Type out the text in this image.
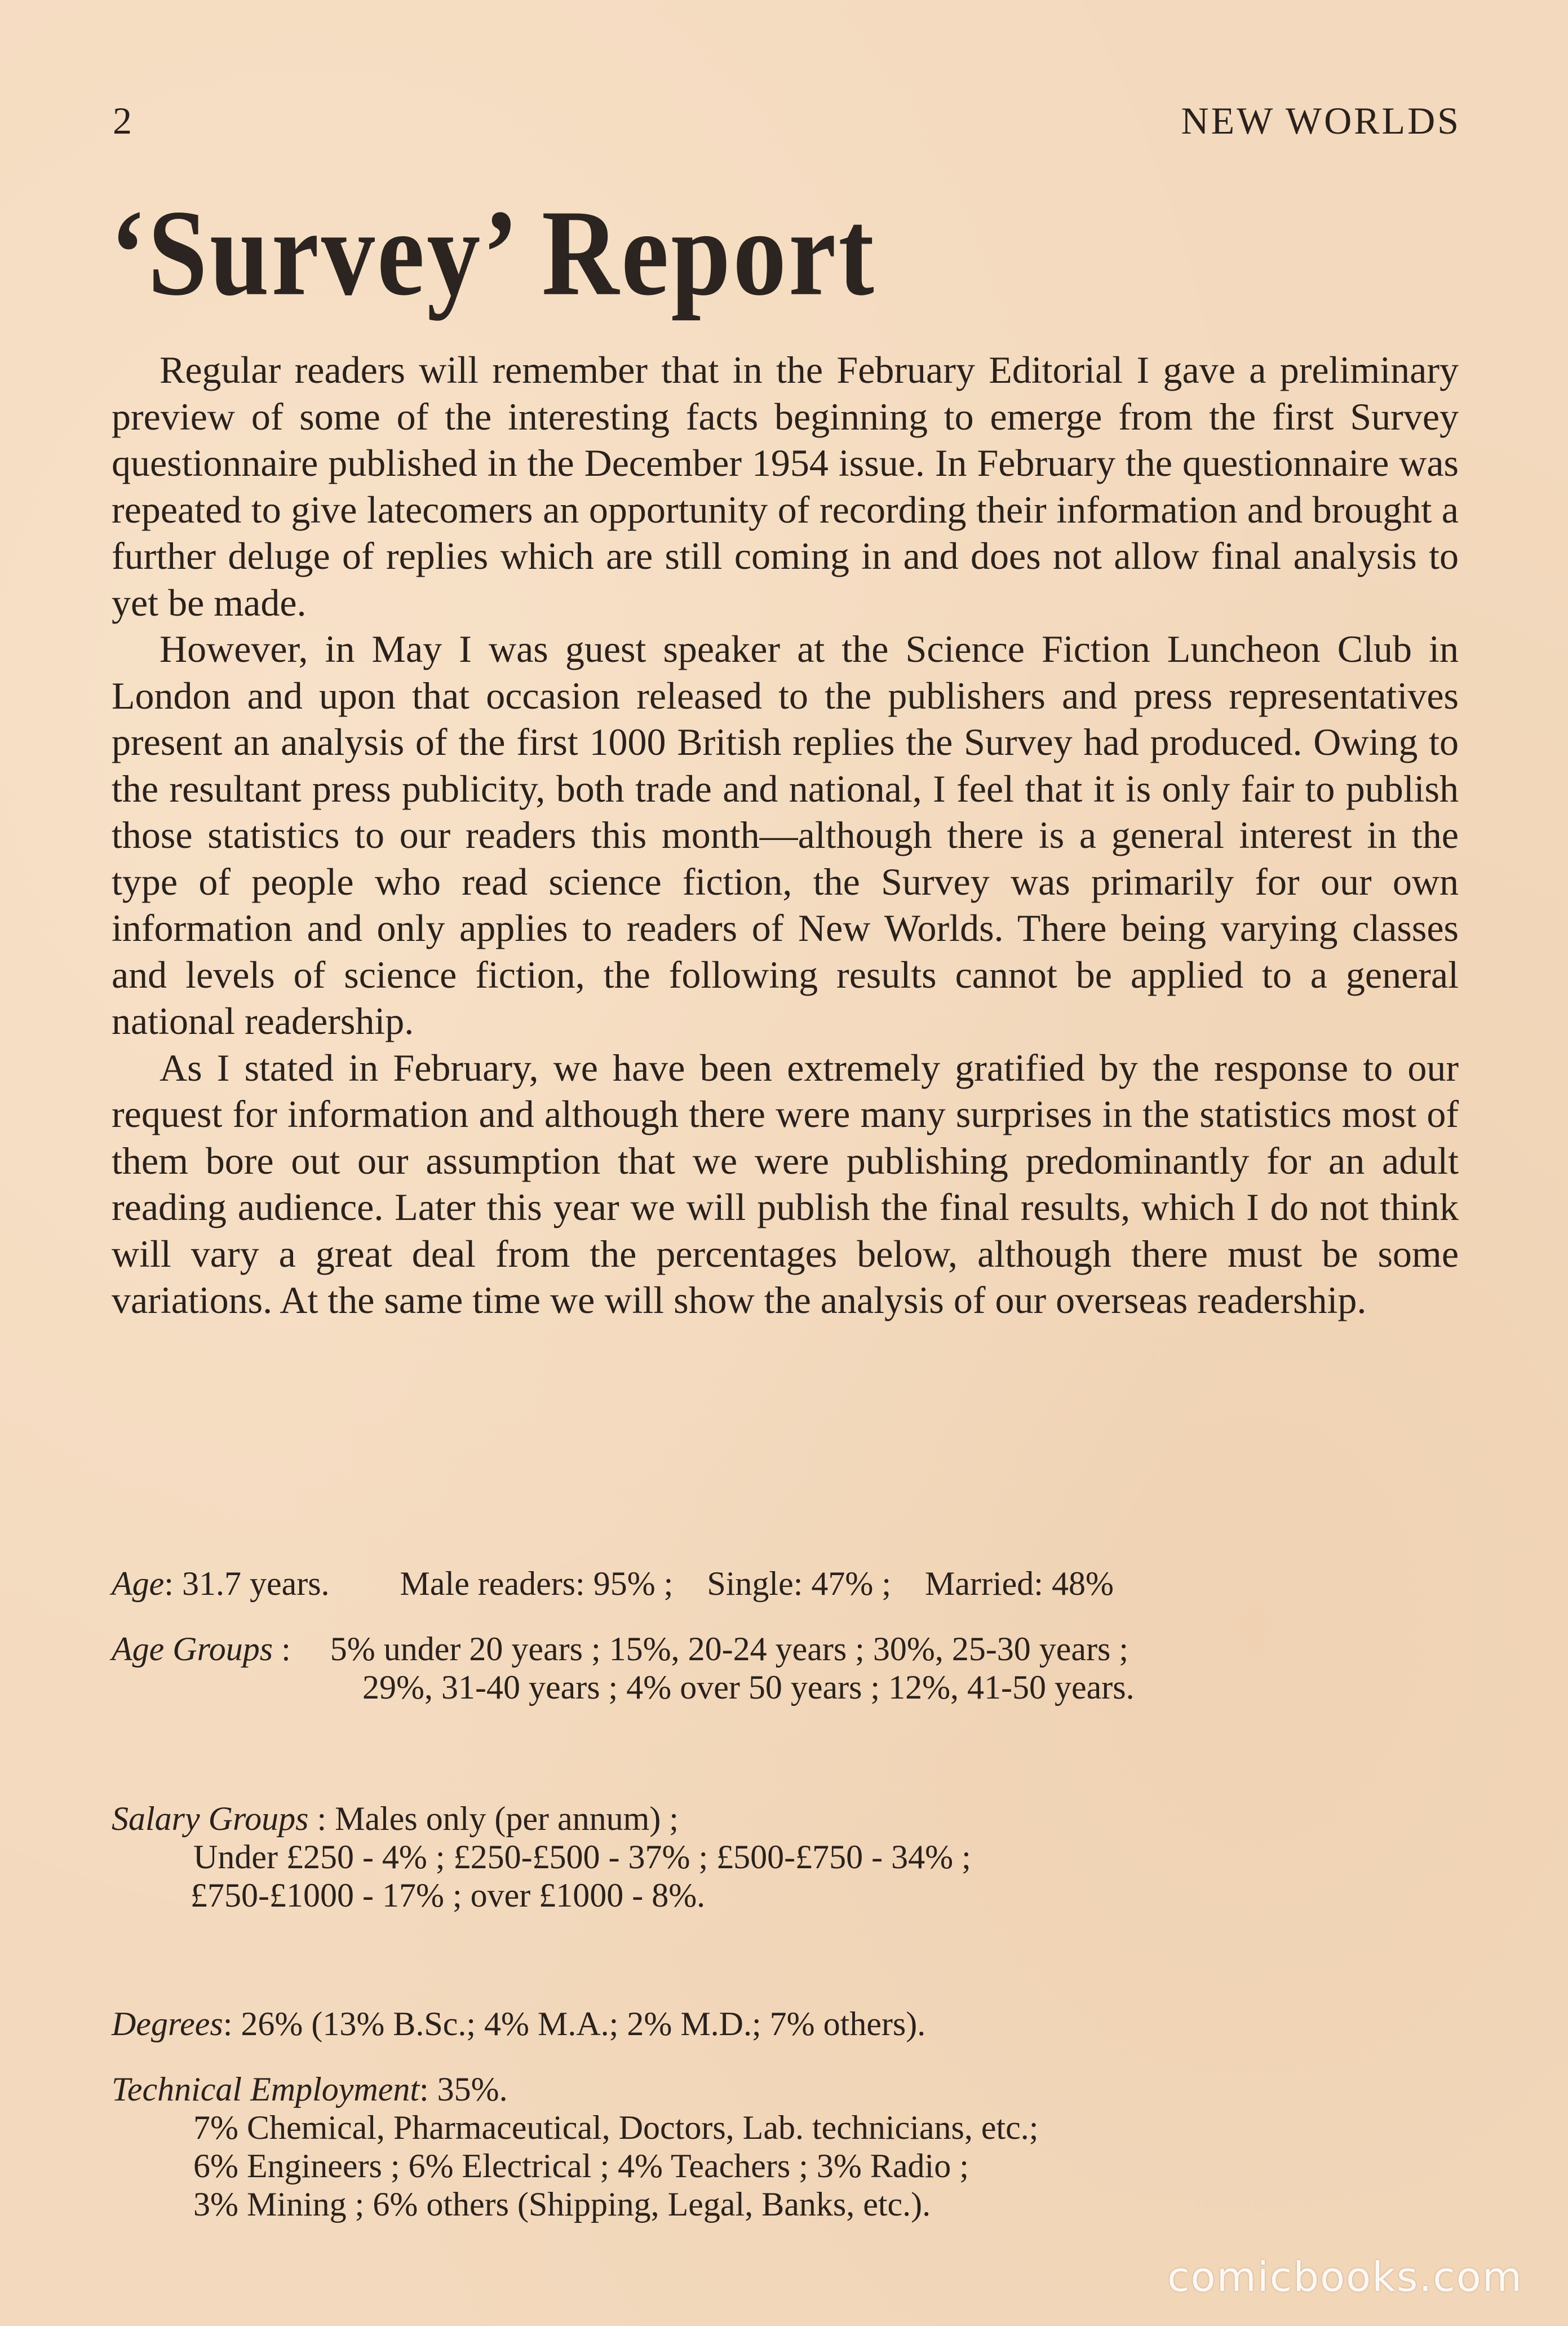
2	NEW WORLDS
‘Survey’ Report

Regular readers will remember that in the February Editorial I gave a preliminary preview of some of the interesting facts beginning to emerge from the first Survey questionnaire published in the December 1954 issue. In February the questionnaire was repeated to give latecomers an opportunity of recording their information and brought a further deluge of replies which are still coming in and does not allow final analysis to yet be made.

However, in May I was guest speaker at the Science Fiction Luncheon Club in London and upon that occasion released to the publishers and press representatives present an analysis of the first 1000 British replies the Survey had produced. Owing to the resultant press publicity, both trade and national, I feel that it is only fair to publish those statistics to our readers this month—although there is a general interest in the type of people who read science fiction, the Survey was primarily for our own information and only applies to readers of New Worlds. There being varying classes and levels of science fiction, the following results cannot be applied to a general national readership.

As I stated in February, we have been extremely gratified by the response to our request for information and although there were many surprises in the statistics most of them bore out our assumption that we were publishing predominantly for an adult reading audience. Later this year we will publish the final results, which I do not think will vary a great deal from the percentages below, although there must be some variations. At the same time we will show the analysis of our overseas readership.

Age: 31.7 years. Male readers: 95% ; Single: 47% ; Married: 48%
Age Groups :  5% under 20 years ; 15%, 20-24 years ; 30%, 25-30 years ;
29%, 31-40 years ; 4% over 50 years ; 12%, 41-50 years.
Salary Groups : Males only (per annum) ;
Under £250 - 4% ; £250-£500 - 37% ; £500-£750 - 34% ;
£750-£1000 - 17% ; over £1000 - 8%.
Degrees: 26% (13% B.Sc.; 4% M.A.; 2% M.D.; 7% others).
Technical Employment: 35%.
7% Chemical, Pharmaceutical, Doctors, Lab. technicians, etc.;
6% Engineers ; 6% Electrical ; 4% Teachers ; 3% Radio ;
3% Mining ; 6% others (Shipping, Legal, Banks, etc.).
comicbooks.com
